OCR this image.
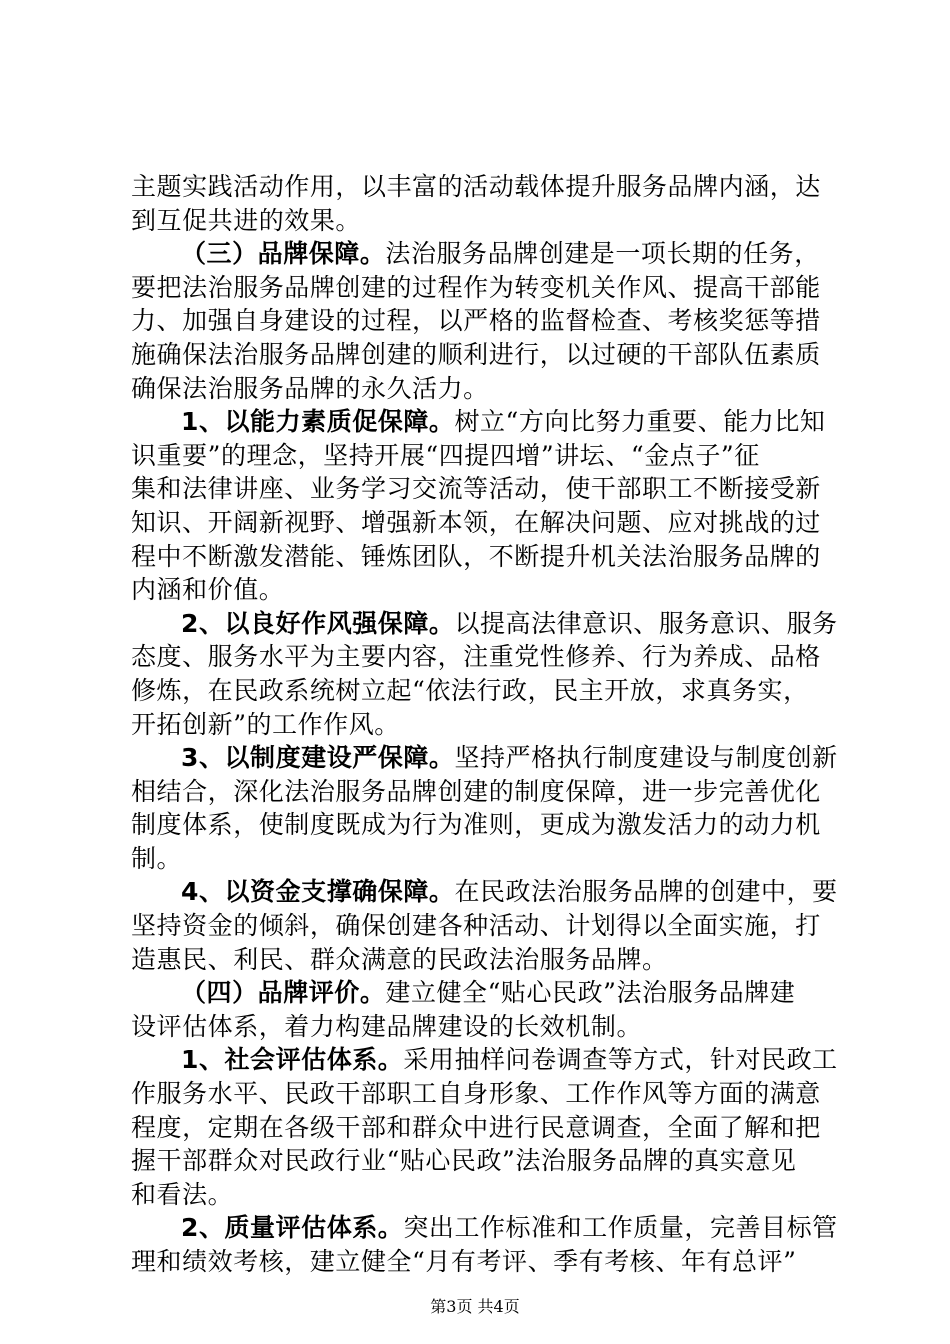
主题实践活动作用，以丰富的活动载体提升服务品牌内涵，达
到互促共进的效果。
（三）品牌保障。法治服务品牌创建是一项长期的任务，
要把法治服务品牌创建的过程作为转变机关作风、提高干部能
力、加强自身建设的过程，以严格的监督检查、考核奖惩等措
施确保法治服务品牌创建的顺利进行，以过硬的干部队伍素质
确保法治服务品牌的永久活力。
1、以能力素质促保障。树立“方向比努力重要、能力比知
识重要”的理念，坚持开展“四提四增”讲坛、“金点子”征
集和法律讲座、业务学习交流等活动，使干部职工不断接受新
知识、开阔新视野、增强新本领，在解决问题、应对挑战的过
程中不断激发潜能、锤炼团队，不断提升机关法治服务品牌的
内涵和价值。
2、以良好作风强保障。以提高法律意识、服务意识、服务
态度、服务水平为主要内容，注重党性修养、行为养成、品格
修炼，在民政系统树立起“依法行政，民主开放，求真务实，
开拓创新”的工作作风。
3、以制度建设严保障。坚持严格执行制度建设与制度创新
相结合，深化法治服务品牌创建的制度保障，进一步完善优化
制度体系，使制度既成为行为准则，更成为激发活力的动力机
制。
4、以资金支撑确保障。在民政法治服务品牌的创建中，要
坚持资金的倾斜，确保创建各种活动、计划得以全面实施，打
造惠民、利民、群众满意的民政法治服务品牌。
（四）品牌评价。建立健全“贴心民政”法治服务品牌建
设评估体系，着力构建品牌建设的长效机制。
1、社会评估体系。采用抽样问卷调查等方式，针对民政工
作服务水平、民政干部职工自身形象、工作作风等方面的满意
程度，定期在各级干部和群众中进行民意调查，全面了解和把
握干部群众对民政行业“贴心民政”法治服务品牌的真实意见
和看法。
2、质量评估体系。突出工作标准和工作质量，完善目标管
理和绩效考核，建立健全“月有考评、季有考核、年有总评”
第3页 共4页
